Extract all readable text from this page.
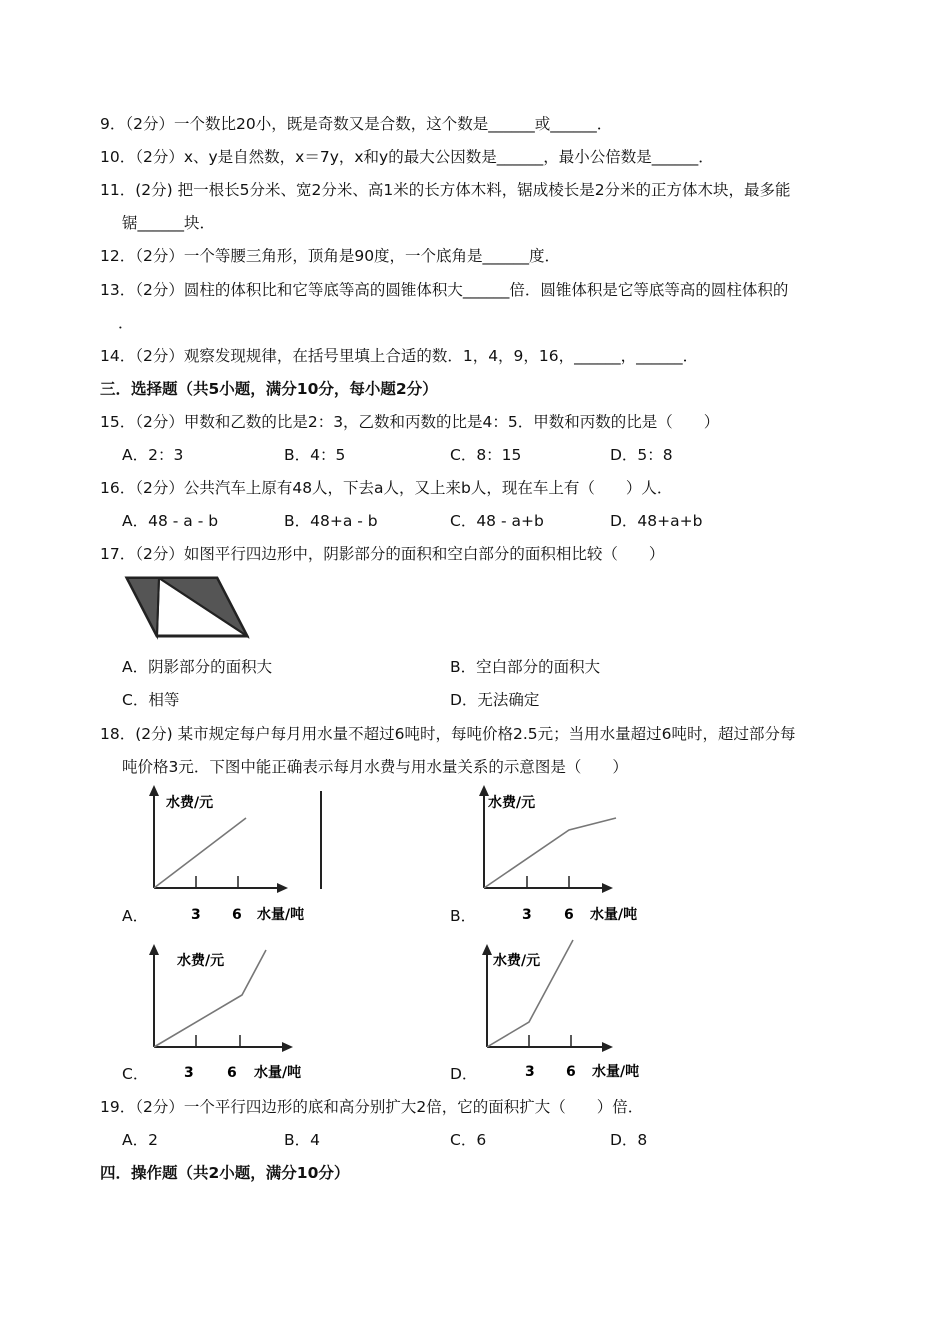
9．（2分）一个数比20小，既是奇数又是合数，这个数是______或______．
10．（2分）x、y是自然数，x＝7y，x和y的最大公因数是______，最小公倍数是______．
11．(2分) 把一根长5分米、宽2分米、高1米的长方体木料，锯成棱长是2分米的正方体木块，最多能
锯______块．
12．（2分）一个等腰三角形，顶角是90度，一个底角是______度．
13．（2分）圆柱的体积比和它等底等高的圆锥体积大______倍．圆锥体积是它等底等高的圆柱体积的
．
14．（2分）观察发现规律，在括号里填上合适的数．1，4，9，16，______，______．
三．选择题（共5小题，满分10分，每小题2分）
15．（2分）甲数和乙数的比是2：3，乙数和丙数的比是4：5．甲数和丙数的比是（　　）
A．2：3	B．4：5	C．8：15	D．5：8
16．（2分）公共汽车上原有48人，下去a人，又上来b人，现在车上有（　　）人．
A．48 - a - b	B．48+a - b	C．48 - a+b	D．48+a+b
17．（2分）如图平行四边形中，阴影部分的面积和空白部分的面积相比较（　　）
A．阴影部分的面积大	B．空白部分的面积大
C．相等	D．无法确定
18．(2分) 某市规定每户每月用水量不超过6吨时，每吨价格2.5元；当用水量超过6吨时，超过部分每
吨价格3元．下图中能正确表示每月水费与用水量关系的示意图是（　　）
A．
水费/元
3 6 水量/吨	B．
水费/元
3 6 水量/吨
C．
水费/元
3 6 水量/吨	D．
水费/元
3 6 水量/吨
19．（2分）一个平行四边形的底和高分别扩大2倍，它的面积扩大（　　）倍．
A．2	B．4	C．6	D．8
四．操作题（共2小题，满分10分）
